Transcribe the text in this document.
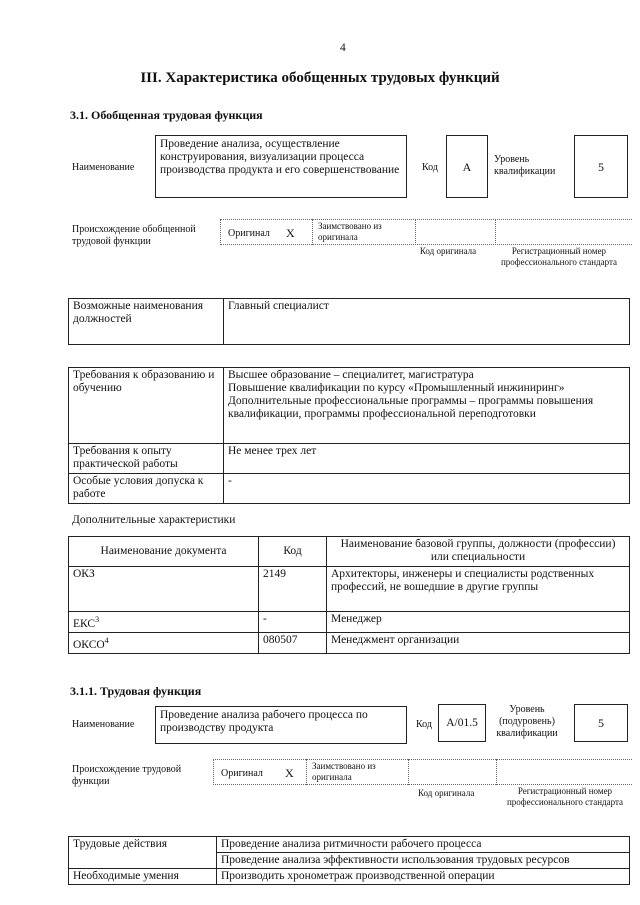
4
III. Характеристика обобщенных трудовых функций
3.1. Обобщенная трудовая функция
Наименование
Проведение анализа, осуществление конструирования, визуализации процесса производства продукта и его совершенствование	Код A Уровень квалификации	5
Происхождение обобщенной трудовой функции
Оригинал X	Заимствовано из оригинала
Код оригинала	Регистрационный номер профессионального стандарта
Возможные наименования должностей	Главный специалист
Требования к образованию и обучению	Высшее образование – специалитет, магистратура
Повышение квалификации по курсу «Промышленный инжиниринг»
Дополнительные профессиональные программы – программы повышения квалификации, программы профессиональной переподготовки

Требования к опыту практической работы	Не менее трех лет
Особые условия допуска к работе	-
Дополнительные характеристики
Наименование документа	Код	Наименование базовой группы, должности (профессии) или специальности
ОКЗ	2149	Архитекторы, инженеры и специалисты родственных профессий, не вошедшие в другие группы
ЕКС$^3$	-	Менеджер
ОКСО$^4$	080507	Менеджмент организации
3.1.1. Трудовая функция
Наименование
Проведение анализа рабочего процесса по производству продукта	Код A/01.5
Уровень (подуровень) квалификации
5
Происхождение трудовой функции
Оригинал X Заимствовано из оригинала
Код оригинала	Регистрационный номер профессионального стандарта
Трудовые действия	Проведение анализа ритмичности рабочего процесса
	Проведение анализа эффективности использования трудовых ресурсов
Необходимые умения	Производить хронометраж производственной операции
